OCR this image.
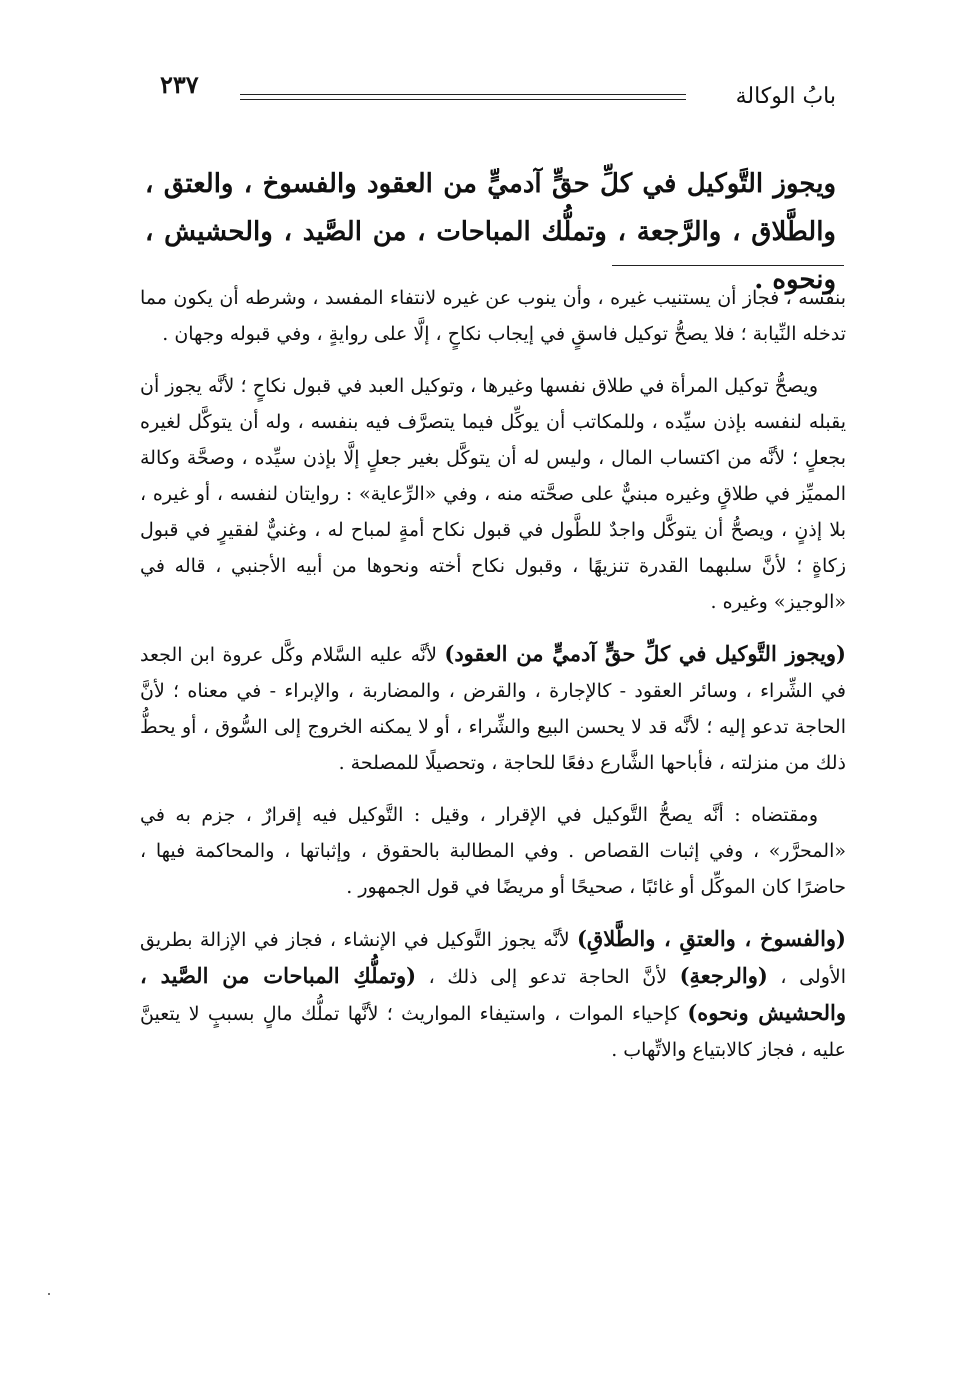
بابُ الوكالة
٢٣٧
ويجوز التَّوكيل في كلِّ حقٍّ آدميٍّ من العقود والفسوخ ، والعتق ، والطَّلاق ، والرَّجعة ، وتملُّك المباحات ، من الصَّيد ، والحشيش ، ونحوه .

بنفسه ، فجاز أن يستنيب غيره ، وأن ينوب عن غيره لانتفاء المفسد ، وشرطه أن يكون مما تدخله النِّيابة ؛ فلا يصحُّ توكيل فاسقٍ في إيجاب نكاحٍ ، إلَّا على روايةٍ ، وفي قبوله وجهان .

ويصحُّ توكيل المرأة في طلاق نفسها وغيرها ، وتوكيل العبد في قبول نكاحٍ ؛ لأنَّه يجوز أن يقبله لنفسه بإذن سيِّده ، وللمكاتب أن يوكِّل فيما يتصرَّف فيه بنفسه ، وله أن يتوكَّل لغيره بجعلٍ ؛ لأنَّه من اكتساب المال ، وليس له أن يتوكَّل بغير جعلٍ إلَّا بإذن سيِّده ، وصحَّة وكالة المميِّز في طلاقٍ وغيره مبنيٌّ على صحَّته منه ، وفي «الرِّعاية» : روايتان لنفسه ، أو غيره ، بلا إذنٍ ، ويصحُّ أن يتوكَّل واجدٌ للطَّول في قبول نكاح أمةٍ لمباح له ، وغنيٌّ لفقيرٍ في قبول زكاةٍ ؛ لأنَّ سلبهما القدرة تنزيهًا ، وقبول نكاح أخته ونحوها من أبيه الأجنبي ، قاله في «الوجيز» وغيره .

(ويجوز التَّوكيل في كلِّ حقٍّ آدميٍّ من العقود) لأنَّه عليه السَّلام وكَّل عروة ابن الجعد في الشِّراء ، وسائر العقود - كالإجارة ، والقرض ، والمضاربة ، والإبراء - في معناه ؛ لأنَّ الحاجة تدعو إليه ؛ لأنَّه قد لا يحسن البيع والشِّراء ، أو لا يمكنه الخروج إلى السُّوق ، أو يحطُّ ذلك من منزلته ، فأباحها الشَّارع دفعًا للحاجة ، وتحصيلًا للمصلحة .

ومقتضاه : أنَّه يصحُّ التَّوكيل في الإقرار ، وقيل : التَّوكيل فيه إقرارٌ ، جزم به في «المحرَّر» ، وفي إثبات القصاص . وفي المطالبة بالحقوق ، وإثباتها ، والمحاكمة فيها ، حاضرًا كان الموكِّل أو غائبًا ، صحيحًا أو مريضًا في قول الجمهور .

(والفسوخ ، والعتقِ ، والطَّلاقِ) لأنَّه يجوز التَّوكيل في الإنشاء ، فجاز في الإزالة بطريق الأولى ، (والرجعةِ) لأنَّ الحاجة تدعو إلى ذلك ، (وتملُّكِ المباحات من الصَّيد ، والحشيش ونحوه) كإحياء الموات ، واستيفاء المواريث ؛ لأنَّها تملُّك مالٍ بسببٍ لا يتعينَّ عليه ، فجاز كالابتياع والاتِّهاب .
